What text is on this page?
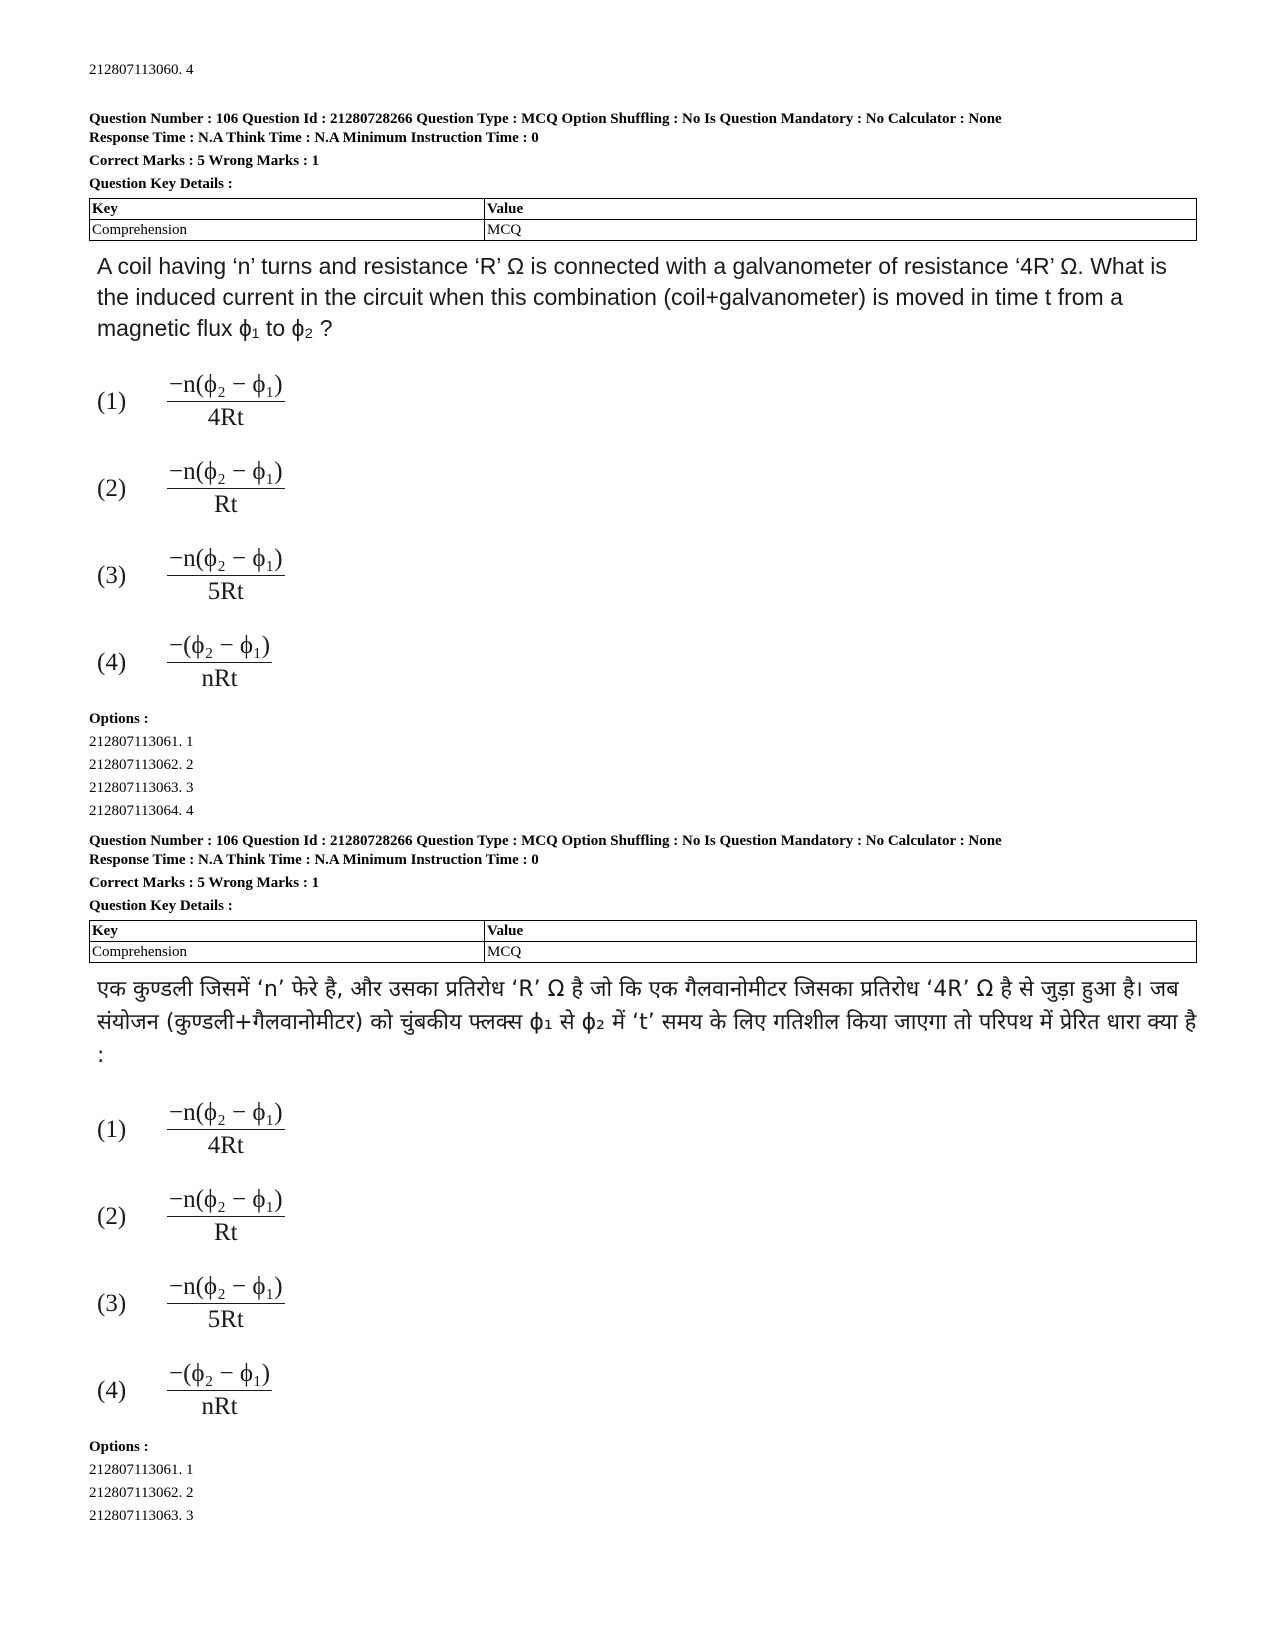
212807113060. 4
Question Number : 106 Question Id : 21280728266 Question Type : MCQ Option Shuffling : No Is Question Mandatory : No Calculator : None
Response Time : N.A Think Time : N.A Minimum Instruction Time : 0
Correct Marks : 5 Wrong Marks : 1
Question Key Details :
Key	Value
Comprehension	MCQ
A coil having ‘n’ turns and resistance ‘R’ Ω is connected with a galvanometer of resistance ‘4R’ Ω. What is the induced current in the circuit when this combination (coil+galvanometer) is moved in time t from a magnetic flux ϕ₁ to ϕ₂ ?
(1)	$\frac{\text{−n(ϕ₂ − ϕ₁)}}{4Rt}$
(2)	$\frac{\text{−n(ϕ₂ − ϕ₁)}}{Rt}$
(3)	$\frac{\text{−n(ϕ₂ − ϕ₁)}}{5Rt}$
(4)	$\frac{\text{−(ϕ₂ − ϕ₁)}}{\text{nRt}}$
Options :
212807113061. 1
212807113062. 2
212807113063. 3
212807113064. 4
Question Number : 106 Question Id : 21280728266 Question Type : MCQ Option Shuffling : No Is Question Mandatory : No Calculator : None
Response Time : N.A Think Time : N.A Minimum Instruction Time : 0
Correct Marks : 5 Wrong Marks : 1
Question Key Details :
Key	Value
Comprehension	MCQ
एक कुण्डली जिसमें ‘n’ फेरे है, और उसका प्रतिरोध ‘R’ Ω है जो कि एक गैलवानोमीटर जिसका प्रतिरोध ‘4R’ Ω है से जुड़ा हुआ है। जब संयोजन (कुण्डली+गैलवानोमीटर) को चुंबकीय फ्लक्स ϕ₁ से ϕ₂ में ‘t’ समय के लिए गतिशील किया जाएगा तो परिपथ में प्रेरित धारा क्या है :
(1)	$\frac{\text{−n(ϕ₂ − ϕ₁)}}{4Rt}$
(2)	$\frac{\text{−n(ϕ₂ − ϕ₁)}}{Rt}$
(3)	$\frac{\text{−n(ϕ₂ − ϕ₁)}}{5Rt}$
(4)	$\frac{\text{−(ϕ₂ − ϕ₁)}}{\text{nRt}}$
Options :
212807113061. 1
212807113062. 2
212807113063. 3
